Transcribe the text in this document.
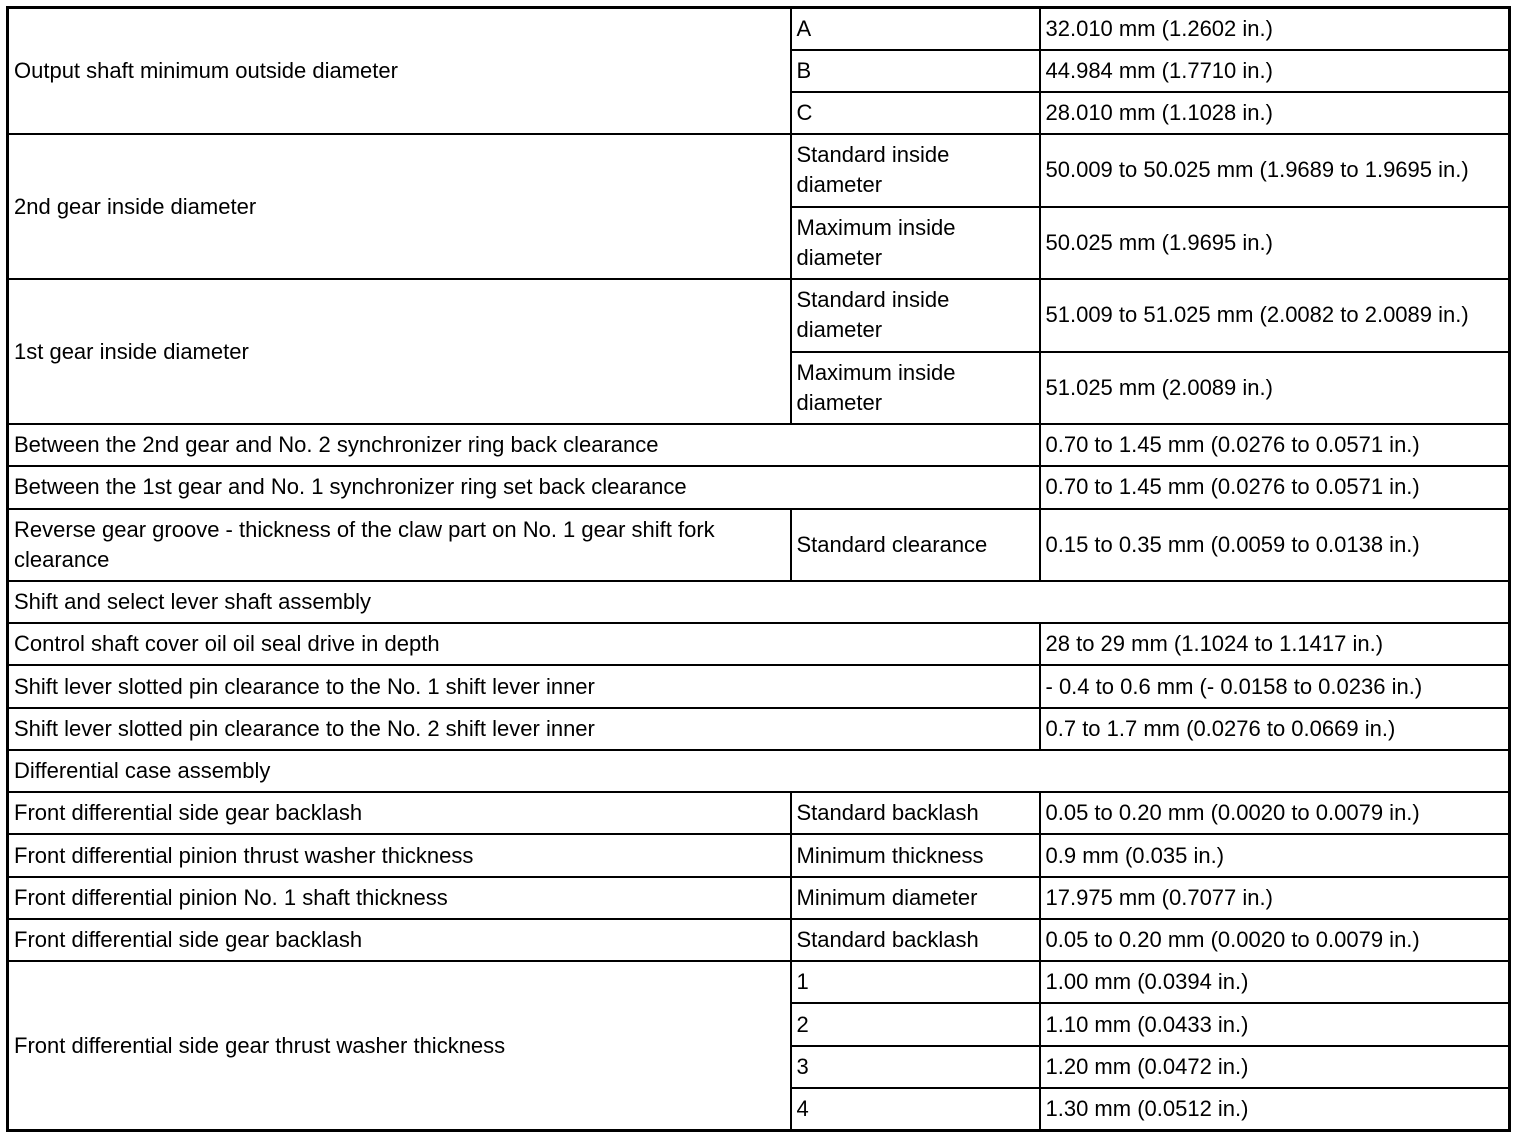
Output shaft minimum outside diameter	A	32.010 mm (1.2602 in.)
	B	44.984 mm (1.7710 in.)
	C	28.010 mm (1.1028 in.)
2nd gear inside diameter	Standard inside diameter	50.009 to 50.025 mm (1.9689 to 1.9695 in.)
	Maximum inside diameter	50.025 mm (1.9695 in.)
1st gear inside diameter	Standard inside diameter	51.009 to 51.025 mm (2.0082 to 2.0089 in.)
	Maximum inside diameter	51.025 mm (2.0089 in.)
Between the 2nd gear and No. 2 synchronizer ring back clearance		0.70 to 1.45 mm (0.0276 to 0.0571 in.)
Between the 1st gear and No. 1 synchronizer ring set back clearance		0.70 to 1.45 mm (0.0276 to 0.0571 in.)
Reverse gear groove - thickness of the claw part on No. 1 gear shift fork clearance	Standard clearance	0.15 to 0.35 mm (0.0059 to 0.0138 in.)
Shift and select lever shaft assembly		
Control shaft cover oil oil seal drive in depth		28 to 29 mm (1.1024 to 1.1417 in.)
Shift lever slotted pin clearance to the No. 1 shift lever inner		- 0.4 to 0.6 mm (- 0.0158 to 0.0236 in.)
Shift lever slotted pin clearance to the No. 2 shift lever inner		0.7 to 1.7 mm (0.0276 to 0.0669 in.)
Differential case assembly		
Front differential side gear backlash	Standard backlash	0.05 to 0.20 mm (0.0020 to 0.0079 in.)
Front differential pinion thrust washer thickness	Minimum thickness	0.9 mm (0.035 in.)
Front differential pinion No. 1 shaft thickness	Minimum diameter	17.975 mm (0.7077 in.)
Front differential side gear backlash	Standard backlash	0.05 to 0.20 mm (0.0020 to 0.0079 in.)
Front differential side gear thrust washer thickness	1	1.00 mm (0.0394 in.)
	2	1.10 mm (0.0433 in.)
	3	1.20 mm (0.0472 in.)
	4	1.30 mm (0.0512 in.)
